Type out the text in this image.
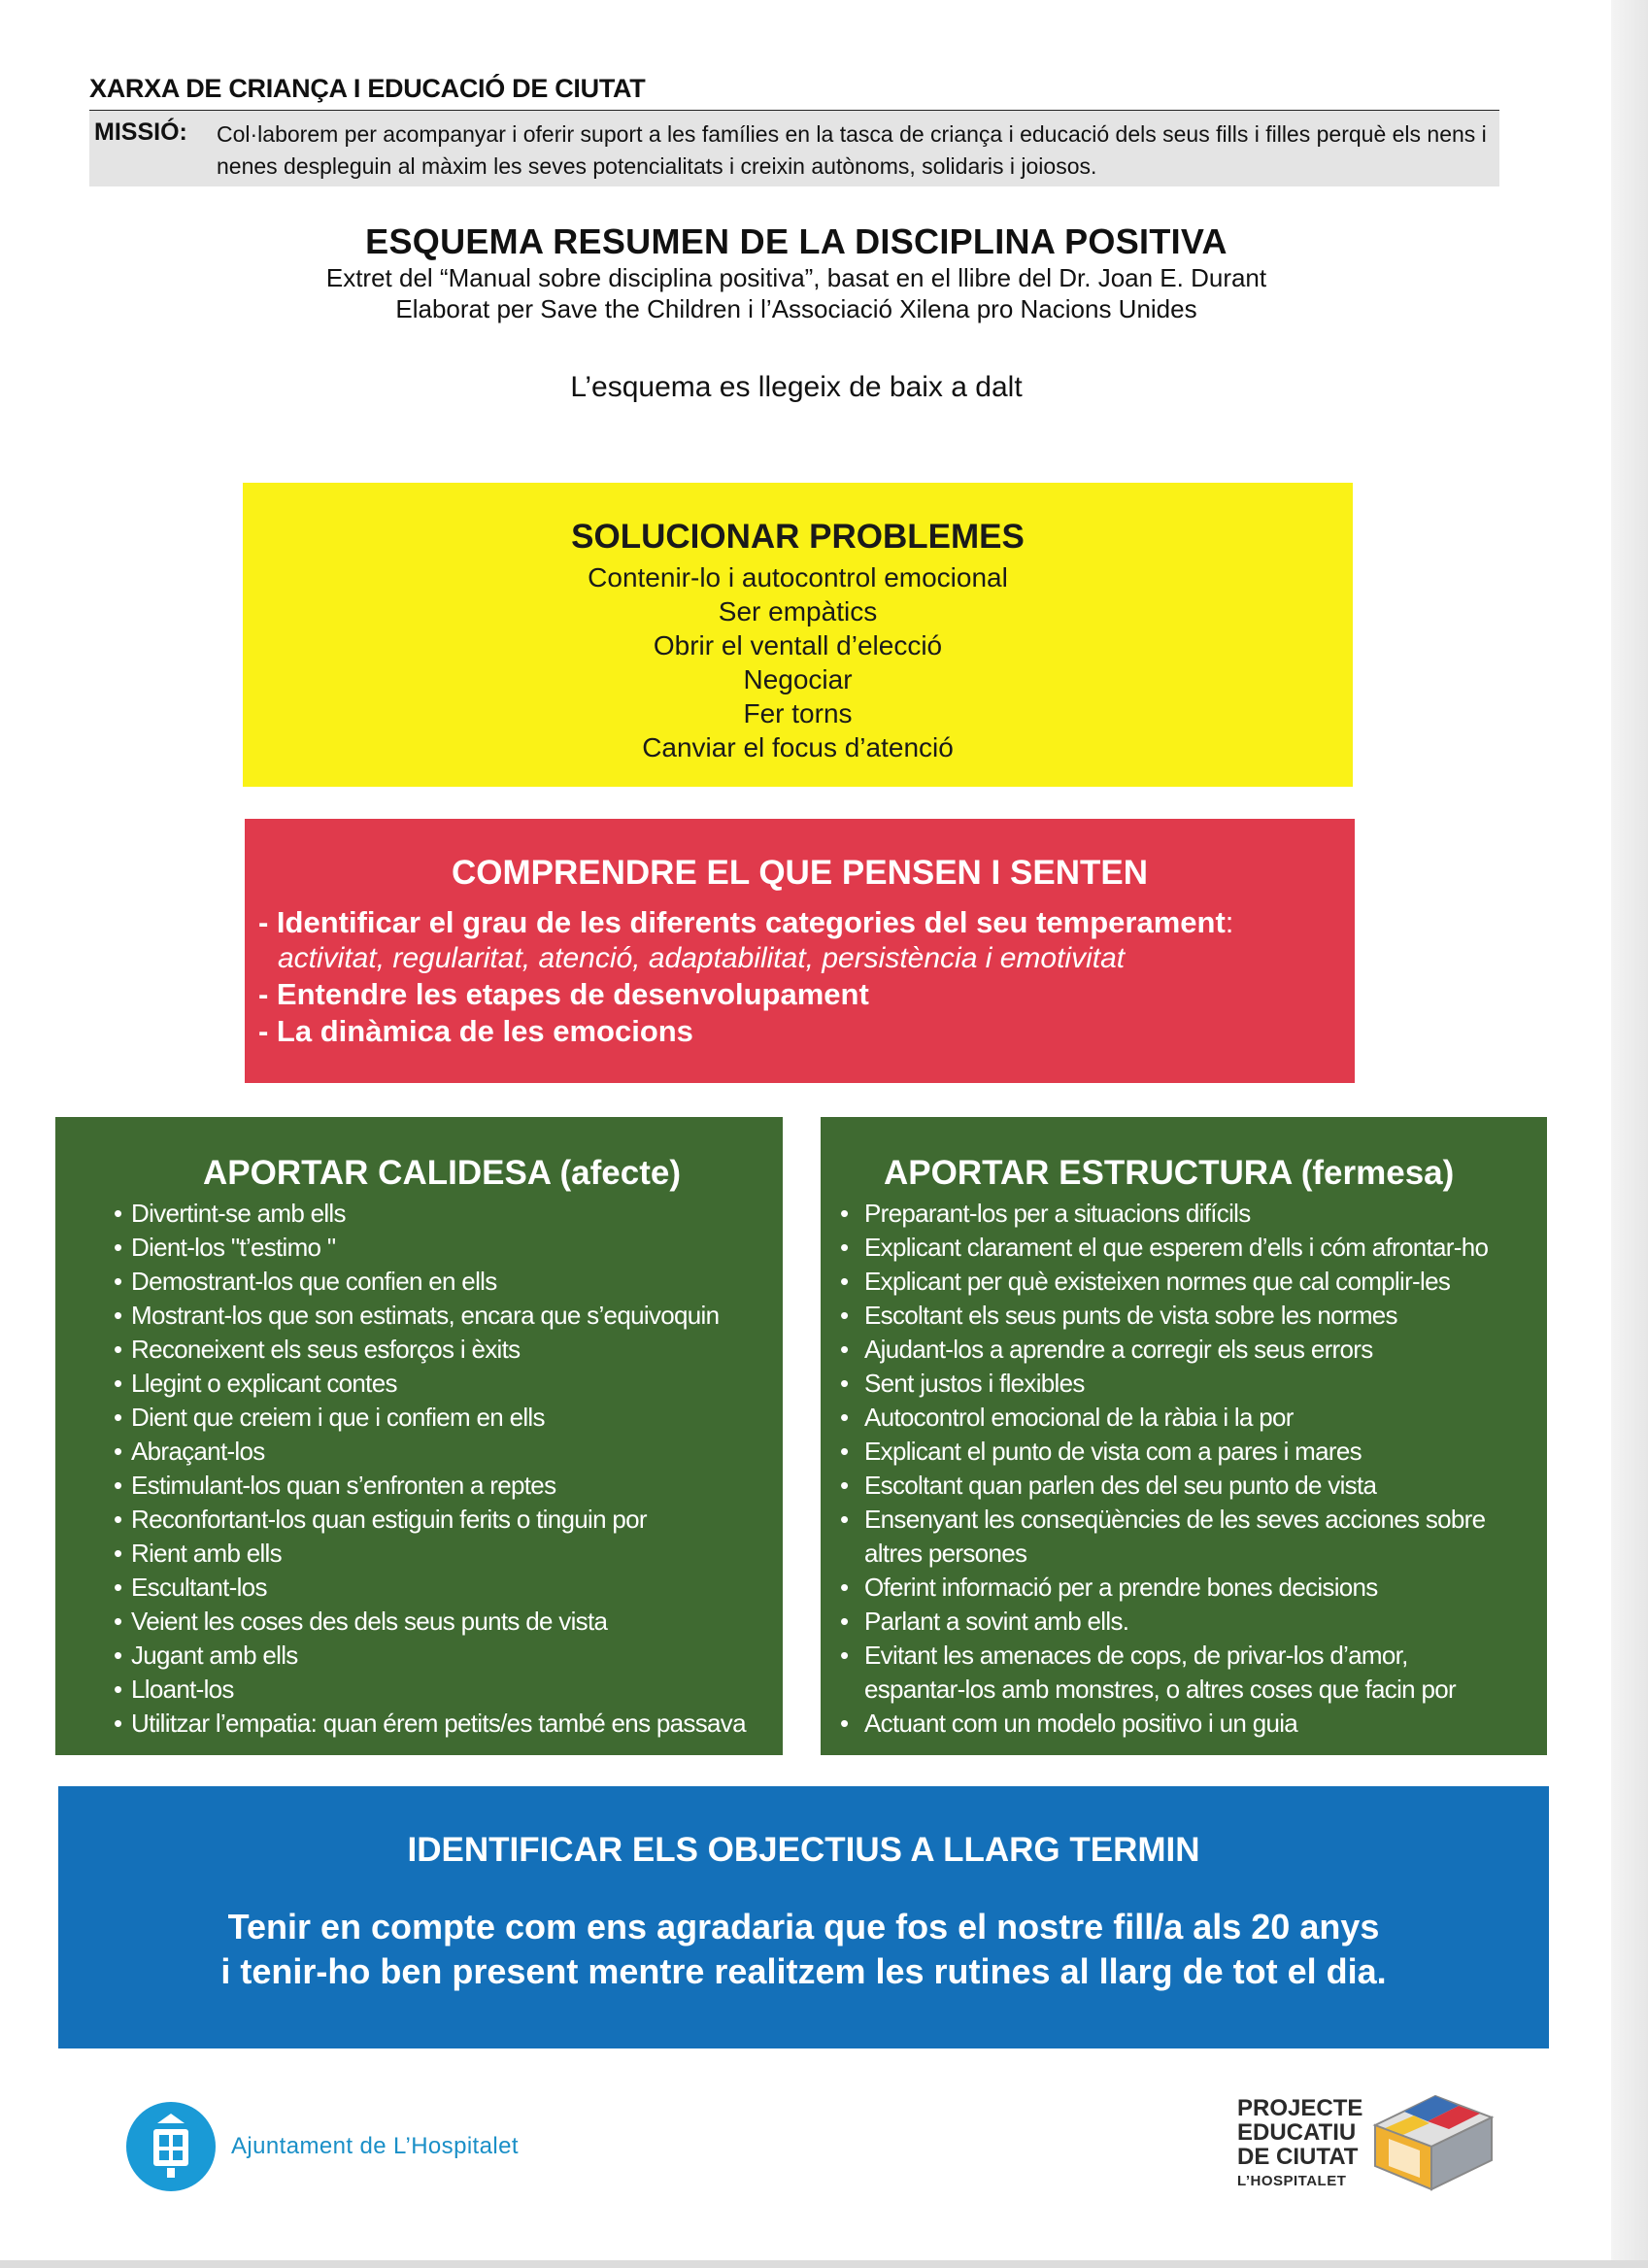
XARXA DE CRIANÇA I EDUCACIÓ DE CIUTAT
MISSIÓ:	Col·laborem per acompanyar i oferir suport a les famílies en la tasca de criança i educació dels seus fills i filles perquè els nens i
nenes despleguin al màxim les seves potencialitats i creixin autònoms, solidaris i joiosos.
ESQUEMA RESUMEN DE LA DISCIPLINA POSITIVA
Extret del “Manual sobre disciplina positiva”, basat en el llibre del Dr. Joan E. Durant
Elaborat per Save the Children i l’Associació Xilena pro Nacions Unides
L’esquema es llegeix de baix a dalt
SOLUCIONAR PROBLEMES
Contenir-lo i autocontrol emocional
Ser empàtics
Obrir el ventall d’elecció
Negociar
Fer torns
Canviar el focus d’atenció
COMPRENDRE EL QUE PENSEN I SENTEN
- Identificar el grau de les diferents categories del seu temperament:
activitat, regularitat, atenció, adaptabilitat, persistència i emotivitat
- Entendre les etapes de desenvolupament
- La dinàmica de les emocions
APORTAR CALIDESA (afecte)
• Divertint-se amb ells
• Dient-los "t’estimo "
• Demostrant-los que confien en ells
• Mostrant-los que son estimats, encara que s’equivoquin
• Reconeixent els seus esforços i èxits
• Llegint o explicant contes
• Dient que creiem i que i confiem en ells
• Abraçant-los
• Estimulant-los quan s’enfronten a reptes
• Reconfortant-los quan estiguin ferits o tinguin por
• Rient amb ells
• Escultant-los
• Veient les coses des dels seus punts de vista
• Jugant amb ells
• Lloant-los
• Utilitzar l’empatia: quan érem petits/es també ens passava
APORTAR ESTRUCTURA (fermesa)
• Preparant-los per a situacions difícils
• Explicant clarament el que esperem d’ells i cóm afrontar-ho
• Explicant per què existeixen normes que cal complir-les
• Escoltant els seus punts de vista sobre les normes
• Ajudant-los a aprendre a corregir els seus errors
• Sent justos i flexibles
• Autocontrol emocional de la ràbia i la por
• Explicant el punto de vista com a pares i mares
• Escoltant quan parlen des del seu punto de vista
• Ensenyant les conseqüències de les seves acciones sobre
altres persones
• Oferint informació per a prendre bones decisions
• Parlant a sovint amb ells.
• Evitant les amenaces de cops, de privar-los d’amor,
espantar-los amb monstres, o altres coses que facin por
• Actuant com un modelo positivo i un guia
IDENTIFICAR ELS OBJECTIUS A LLARG TERMIN
Tenir en compte com ens agradaria que fos el nostre fill/a als 20 anys
i tenir-ho ben present mentre realitzem les rutines al llarg de tot el dia.
Ajuntament de L’Hospitalet
PROJECTE
EDUCATIU
DE CIUTAT
L’HOSPITALET
